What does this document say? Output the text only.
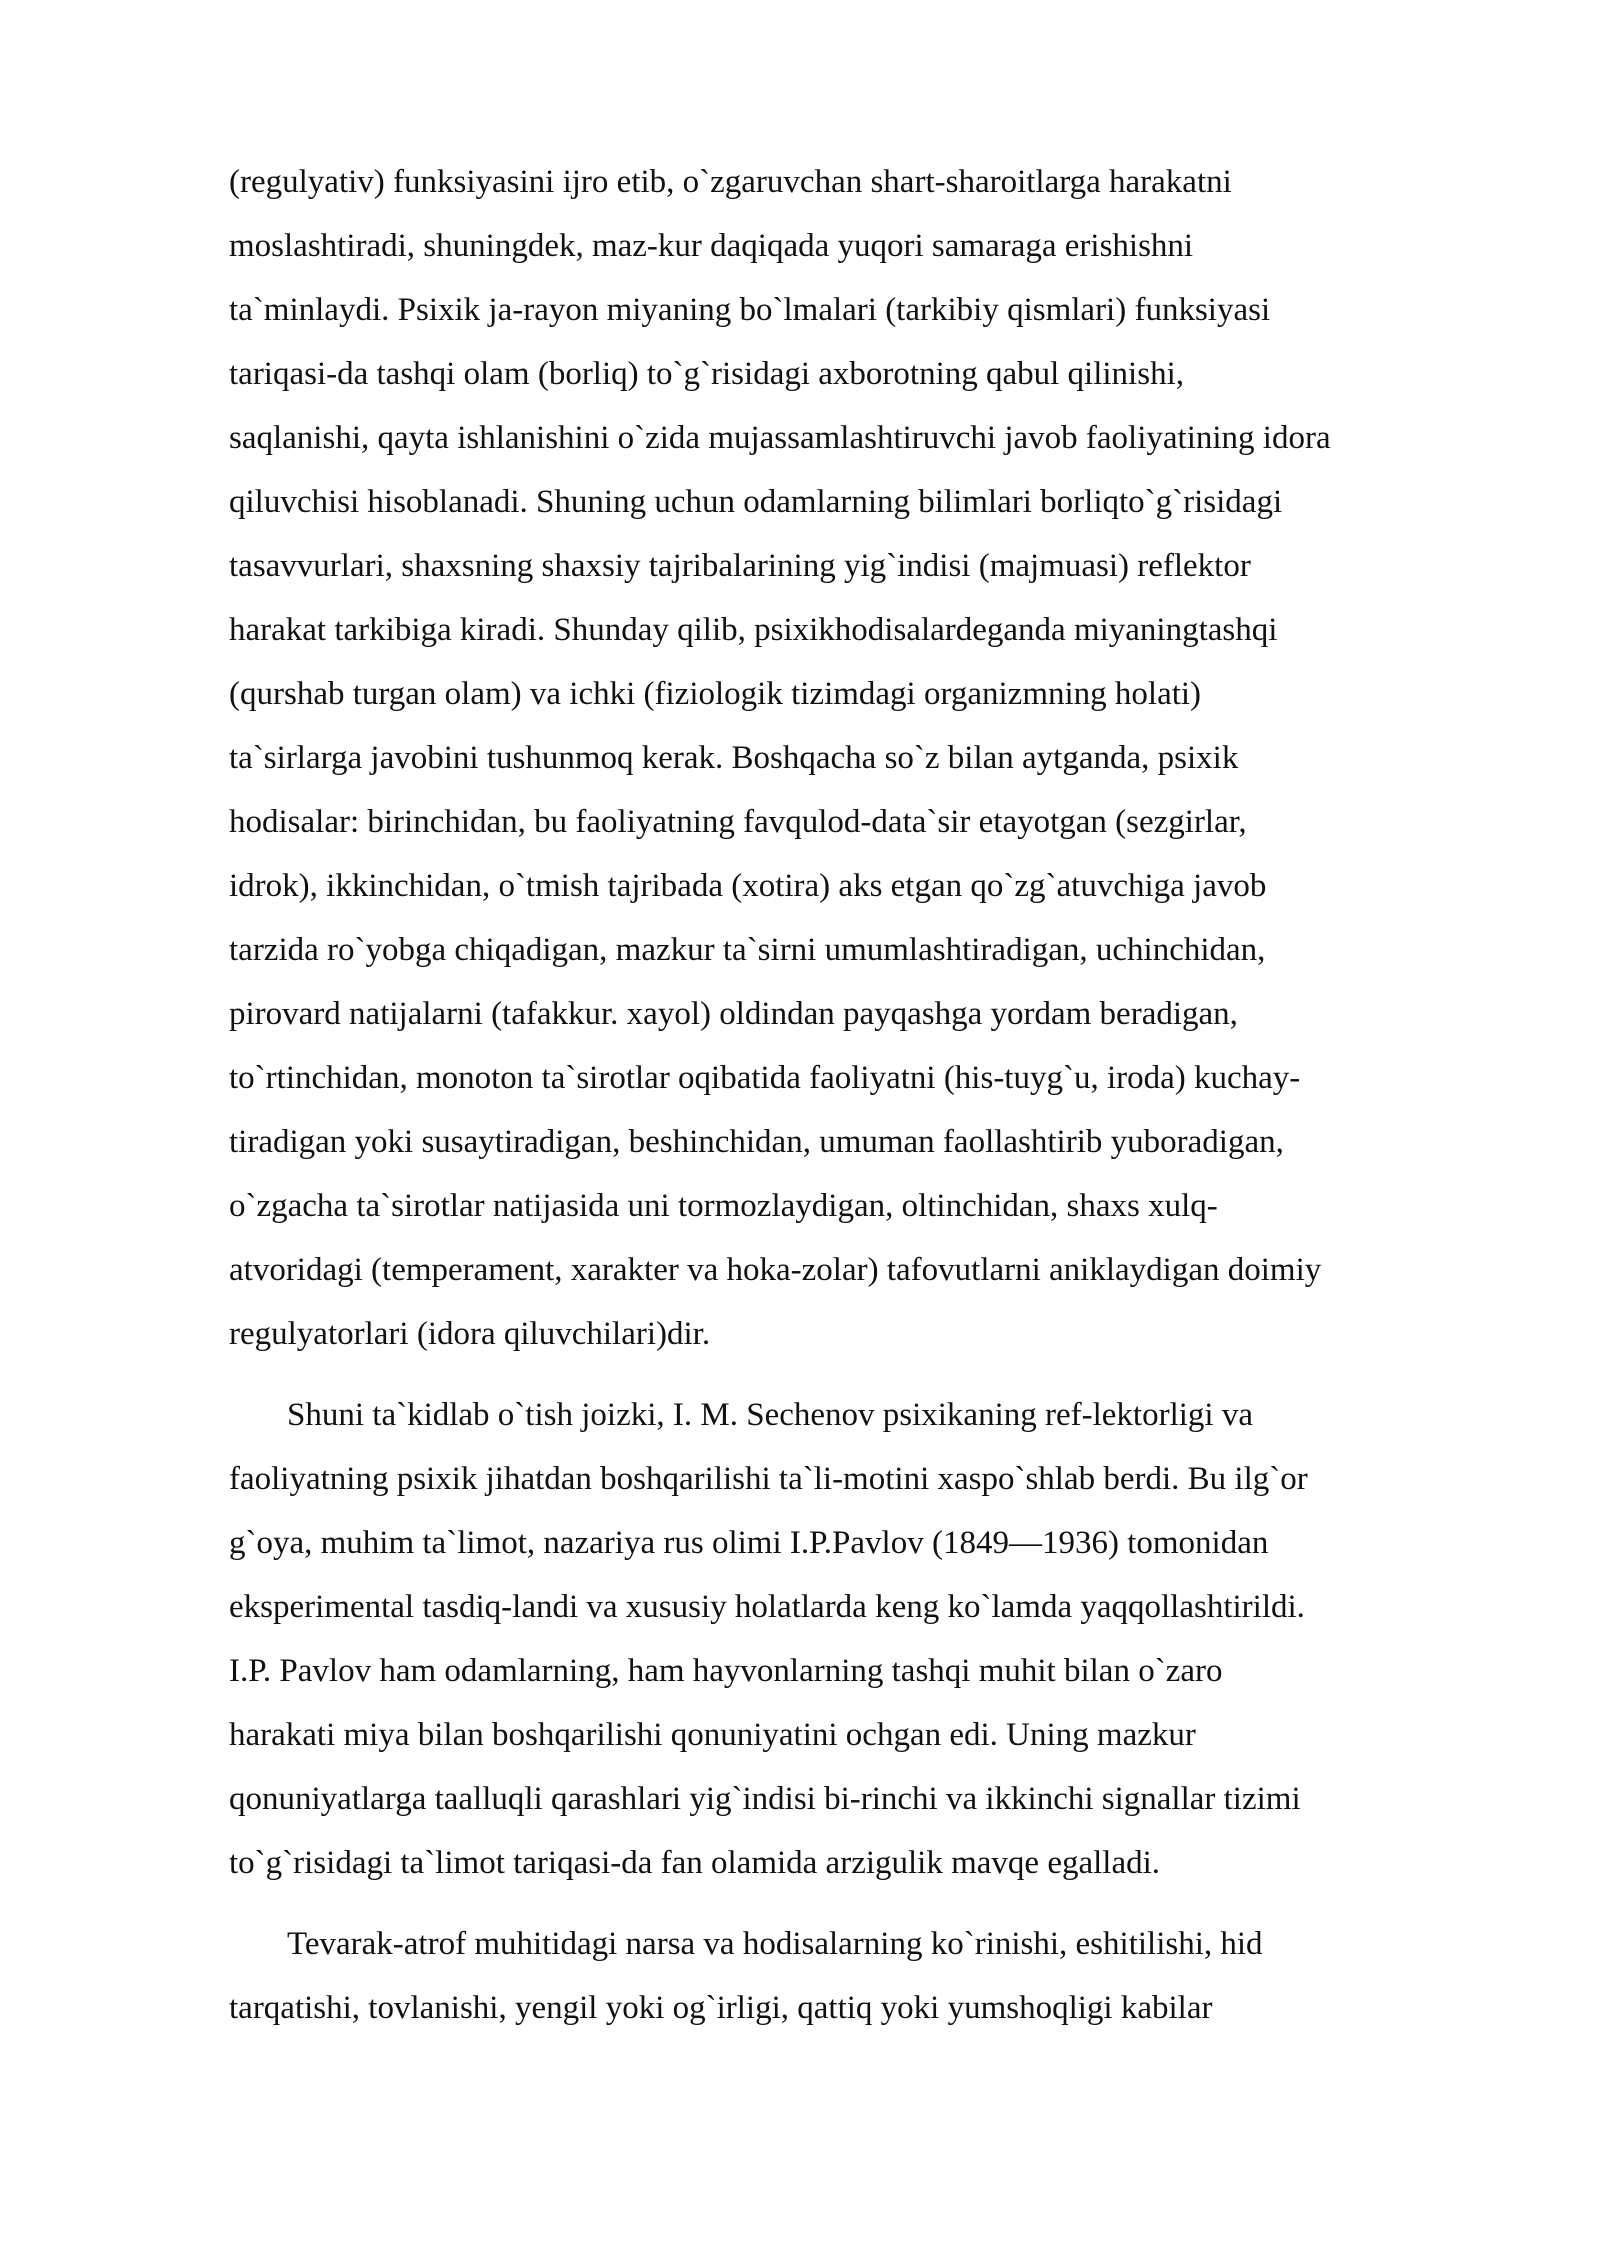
(regulyativ) funksiyasini ijro etib, o`zgaruvchan shart-sharoitlarga harakatni
moslashtiradi, shuningdek, maz-kur daqiqada yuqori samaraga erishishni
ta`minlaydi. Psixik ja-rayon miyaning bo`lmalari (tarkibiy qismlari) funksiyasi
tariqasi-da tashqi olam (borliq) to`g`risidagi axborotning qabul qilinishi,
saqlanishi, qayta ishlanishini o`zida mujassamlashtiruvchi javob faoliyatining idora
qiluvchisi hisoblanadi. Shuning uchun odamlarning bilimlari borliqto`g`risidagi
tasavvurlari, shaxsning shaxsiy tajribalarining yig`indisi (majmuasi) reflektor
harakat tarkibiga kiradi. Shunday qilib, psixikhodisalardeganda miyaningtashqi
(qurshab turgan olam) va ichki (fiziologik tizimdagi organizmning holati)
ta`sirlarga javobini tushunmoq kerak. Boshqacha so`z bilan aytganda, psixik
hodisalar: birinchidan, bu faoliyatning favqulod-data`sir etayotgan (sezgirlar,
idrok), ikkinchidan, o`tmish tajribada (xotira) aks etgan qo`zg`atuvchiga javob
tarzida ro`yobga chiqadigan, mazkur ta`sirni umumlashtiradigan, uchinchidan,
pirovard natijalarni (tafakkur. xayol) oldindan payqashga yordam beradigan,
to`rtinchidan, monoton ta`sirotlar oqibatida faoliyatni (his-tuyg`u, iroda) kuchay-
tiradigan yoki susaytiradigan, beshinchidan, umuman faollashtirib yuboradigan,
o`zgacha ta`sirotlar natijasida uni tormozlaydigan, oltinchidan, shaxs xulq-
atvoridagi (temperament, xarakter va hoka-zolar) tafovutlarni aniklaydigan doimiy
regulyatorlari (idora qiluvchilari)dir.
Shuni ta`kidlab o`tish joizki, I. M. Sechenov psixikaning ref-lektorligi va
faoliyatning psixik jihatdan boshqarilishi ta`li-motini xaspo`shlab berdi. Bu ilg`or
g`oya, muhim ta`limot, nazariya rus olimi I.P.Pavlov (1849—1936) tomonidan
eksperimental tasdiq-landi va xususiy holatlarda keng ko`lamda yaqqollashtirildi.
I.P. Pavlov ham odamlarning, ham hayvonlarning tashqi muhit bilan o`zaro
harakati miya bilan boshqarilishi qonuniyatini ochgan edi. Uning mazkur
qonuniyatlarga taalluqli qarashlari yig`indisi bi-rinchi va ikkinchi signallar tizimi
to`g`risidagi ta`limot tariqasi-da fan olamida arzigulik mavqe egalladi.
Tevarak-atrof muhitidagi narsa va hodisalarning ko`rinishi, eshitilishi, hid
tarqatishi, tovlanishi, yengil yoki og`irligi, qattiq yoki yumshoqligi kabilar
